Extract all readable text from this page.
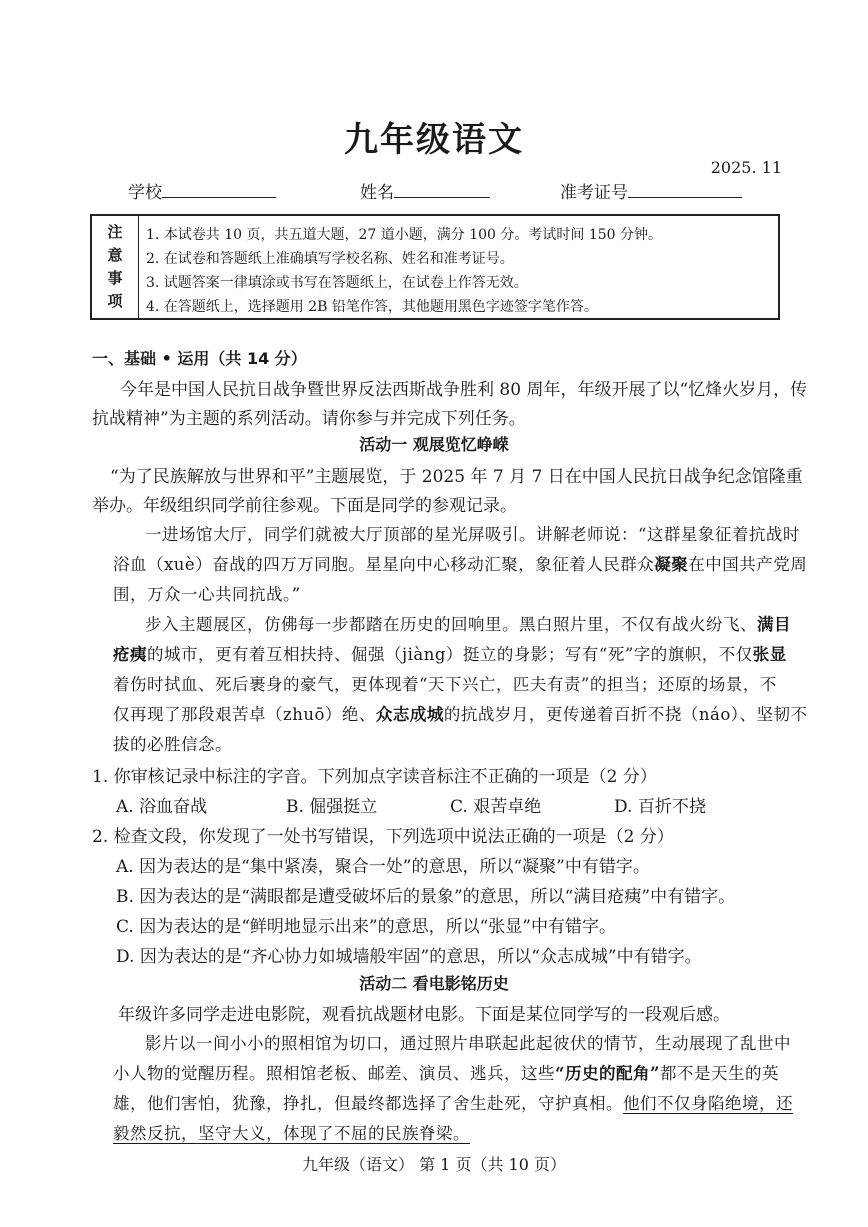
九年级语文
2025. 11
学校	姓名	准考证号
注
意
事
项
1. 本试卷共 10 页，共五道大题，27 道小题，满分 100 分。考试时间 150 分钟。
2. 在试卷和答题纸上准确填写学校名称、姓名和准考证号。
3. 试题答案一律填涂或书写在答题纸上，在试卷上作答无效。
4. 在答题纸上，选择题用 2B 铅笔作答，其他题用黑色字迹签字笔作答。
一、基础 • 运用（共 14 分）
今年是中国人民抗日战争暨世界反法西斯战争胜利 80 周年，年级开展了以“忆烽火岁月，传
抗战精神”为主题的系列活动。请你参与并完成下列任务。
活动一 观展览忆峥嵘
“为了民族解放与世界和平”主题展览，于 2025 年 7 月 7 日在中国人民抗日战争纪念馆隆重
举办。年级组织同学前往参观。下面是同学的参观记录。
一进场馆大厅，同学们就被大厅顶部的星光屏吸引。讲解老师说：“这群星象征着抗战时
浴血（xuè）奋战的四万万同胞。星星向中心移动汇聚，象征着人民群众凝聚在中国共产党周
围，万众一心共同抗战。”
步入主题展区，仿佛每一步都踏在历史的回响里。黑白照片里，不仅有战火纷飞、满目
疮痍的城市，更有着互相扶持、倔强（jiàng）挺立的身影；写有“死”字的旗帜，不仅张显
着伤时拭血、死后裹身的豪气，更体现着“天下兴亡，匹夫有责”的担当；还原的场景，不
仅再现了那段艰苦卓（zhuō）绝、众志成城的抗战岁月，更传递着百折不挠（náo）、坚韧不
拔的必胜信念。
1. 你审核记录中标注的字音。下列加点字读音标注不正确的一项是（2 分）
A. 浴血奋战	B. 倔强挺立	C. 艰苦卓绝	D. 百折不挠
2. 检查文段，你发现了一处书写错误，下列选项中说法正确的一项是（2 分）
A. 因为表达的是“集中紧凑，聚合一处”的意思，所以“凝聚”中有错字。
B. 因为表达的是“满眼都是遭受破坏后的景象”的意思，所以“满目疮痍”中有错字。
C. 因为表达的是“鲜明地显示出来”的意思，所以“张显”中有错字。
D. 因为表达的是“齐心协力如城墙般牢固”的意思，所以“众志成城”中有错字。
活动二 看电影铭历史
年级许多同学走进电影院，观看抗战题材电影。下面是某位同学写的一段观后感。
影片以一间小小的照相馆为切口，通过照片串联起此起彼伏的情节，生动展现了乱世中
小人物的觉醒历程。照相馆老板、邮差、演员、逃兵，这些“历史的配角”都不是天生的英
雄，他们害怕，犹豫，挣扎，但最终都选择了舍生赴死，守护真相。他们不仅身陷绝境，还
毅然反抗，坚守大义，体现了不屈的民族脊梁。
九年级（语文） 第 1 页（共 10 页）
